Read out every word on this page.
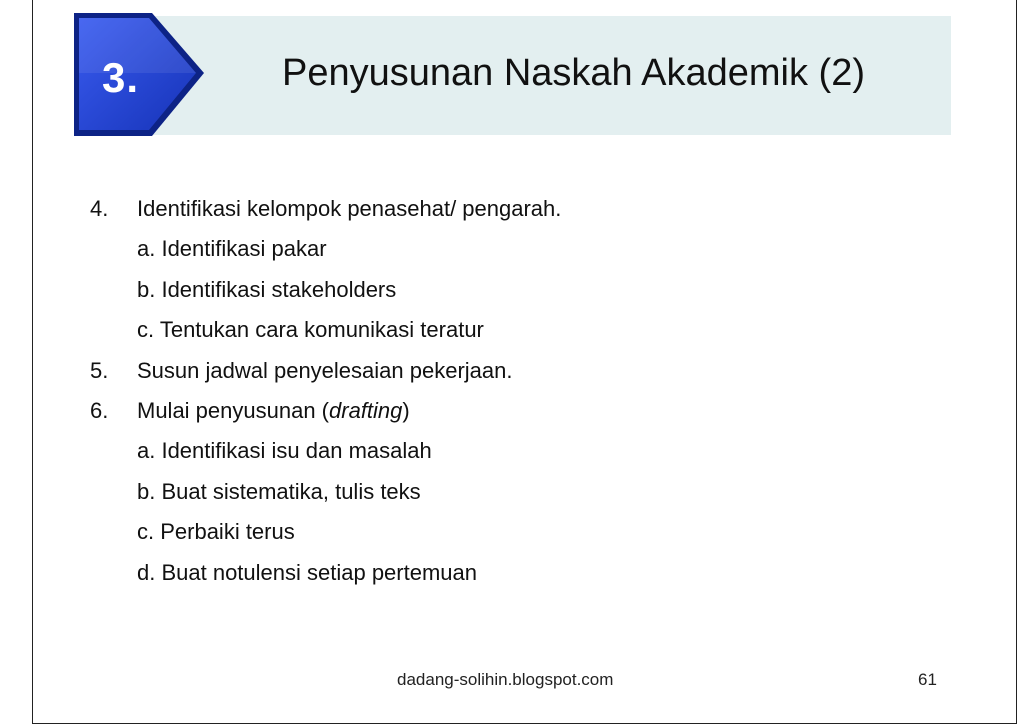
3.	Penyusunan Naskah Akademik (2)
4. Identifikasi kelompok penasehat/ pengarah.
a. Identifikasi pakar
b. Identifikasi stakeholders
c. Tentukan cara komunikasi teratur
5. Susun jadwal penyelesaian pekerjaan.
6. Mulai penyusunan (drafting)
a. Identifikasi isu dan masalah
b. Buat sistematika, tulis teks
c. Perbaiki terus
d. Buat notulensi setiap pertemuan
dadang-solihin.blogspot.com	61
